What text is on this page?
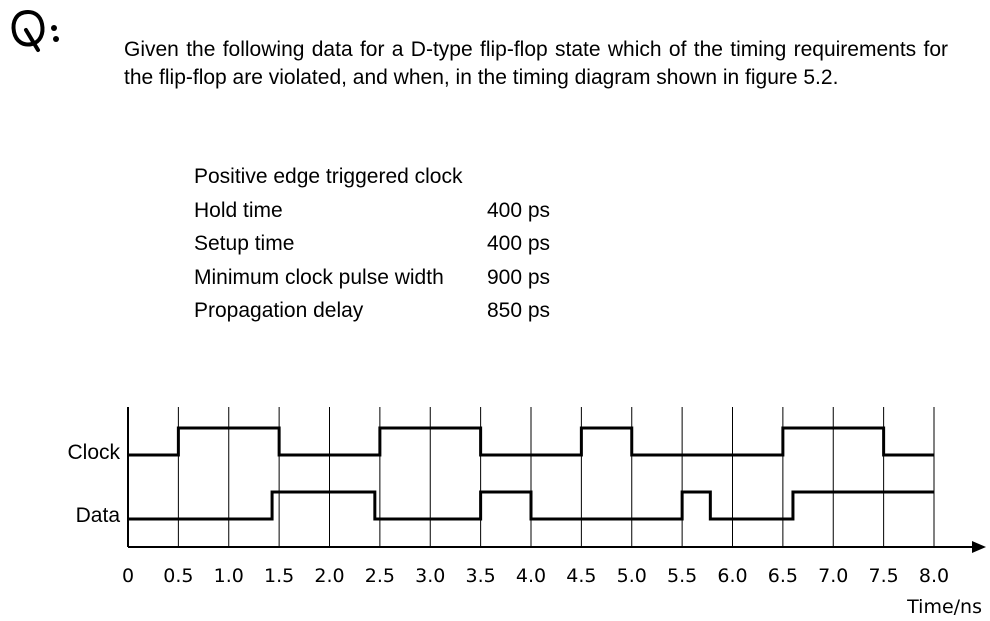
Given the following data for a D-type flip-flop state which of the timing requirements for the flip-flop are violated, and when, in the timing diagram shown in figure 5.2.
Positive edge triggered clock
Hold time	400 ps
Setup time	400 ps
Minimum clock pulse width	900 ps
Propagation delay	850 ps
Clock
Data
0 0.5 1.0 1.5 2.0 2.5 3.0 3.5 4.0 4.5 5.0 5.5 6.0 6.5 7.0 7.5 8.0
Time/ns
